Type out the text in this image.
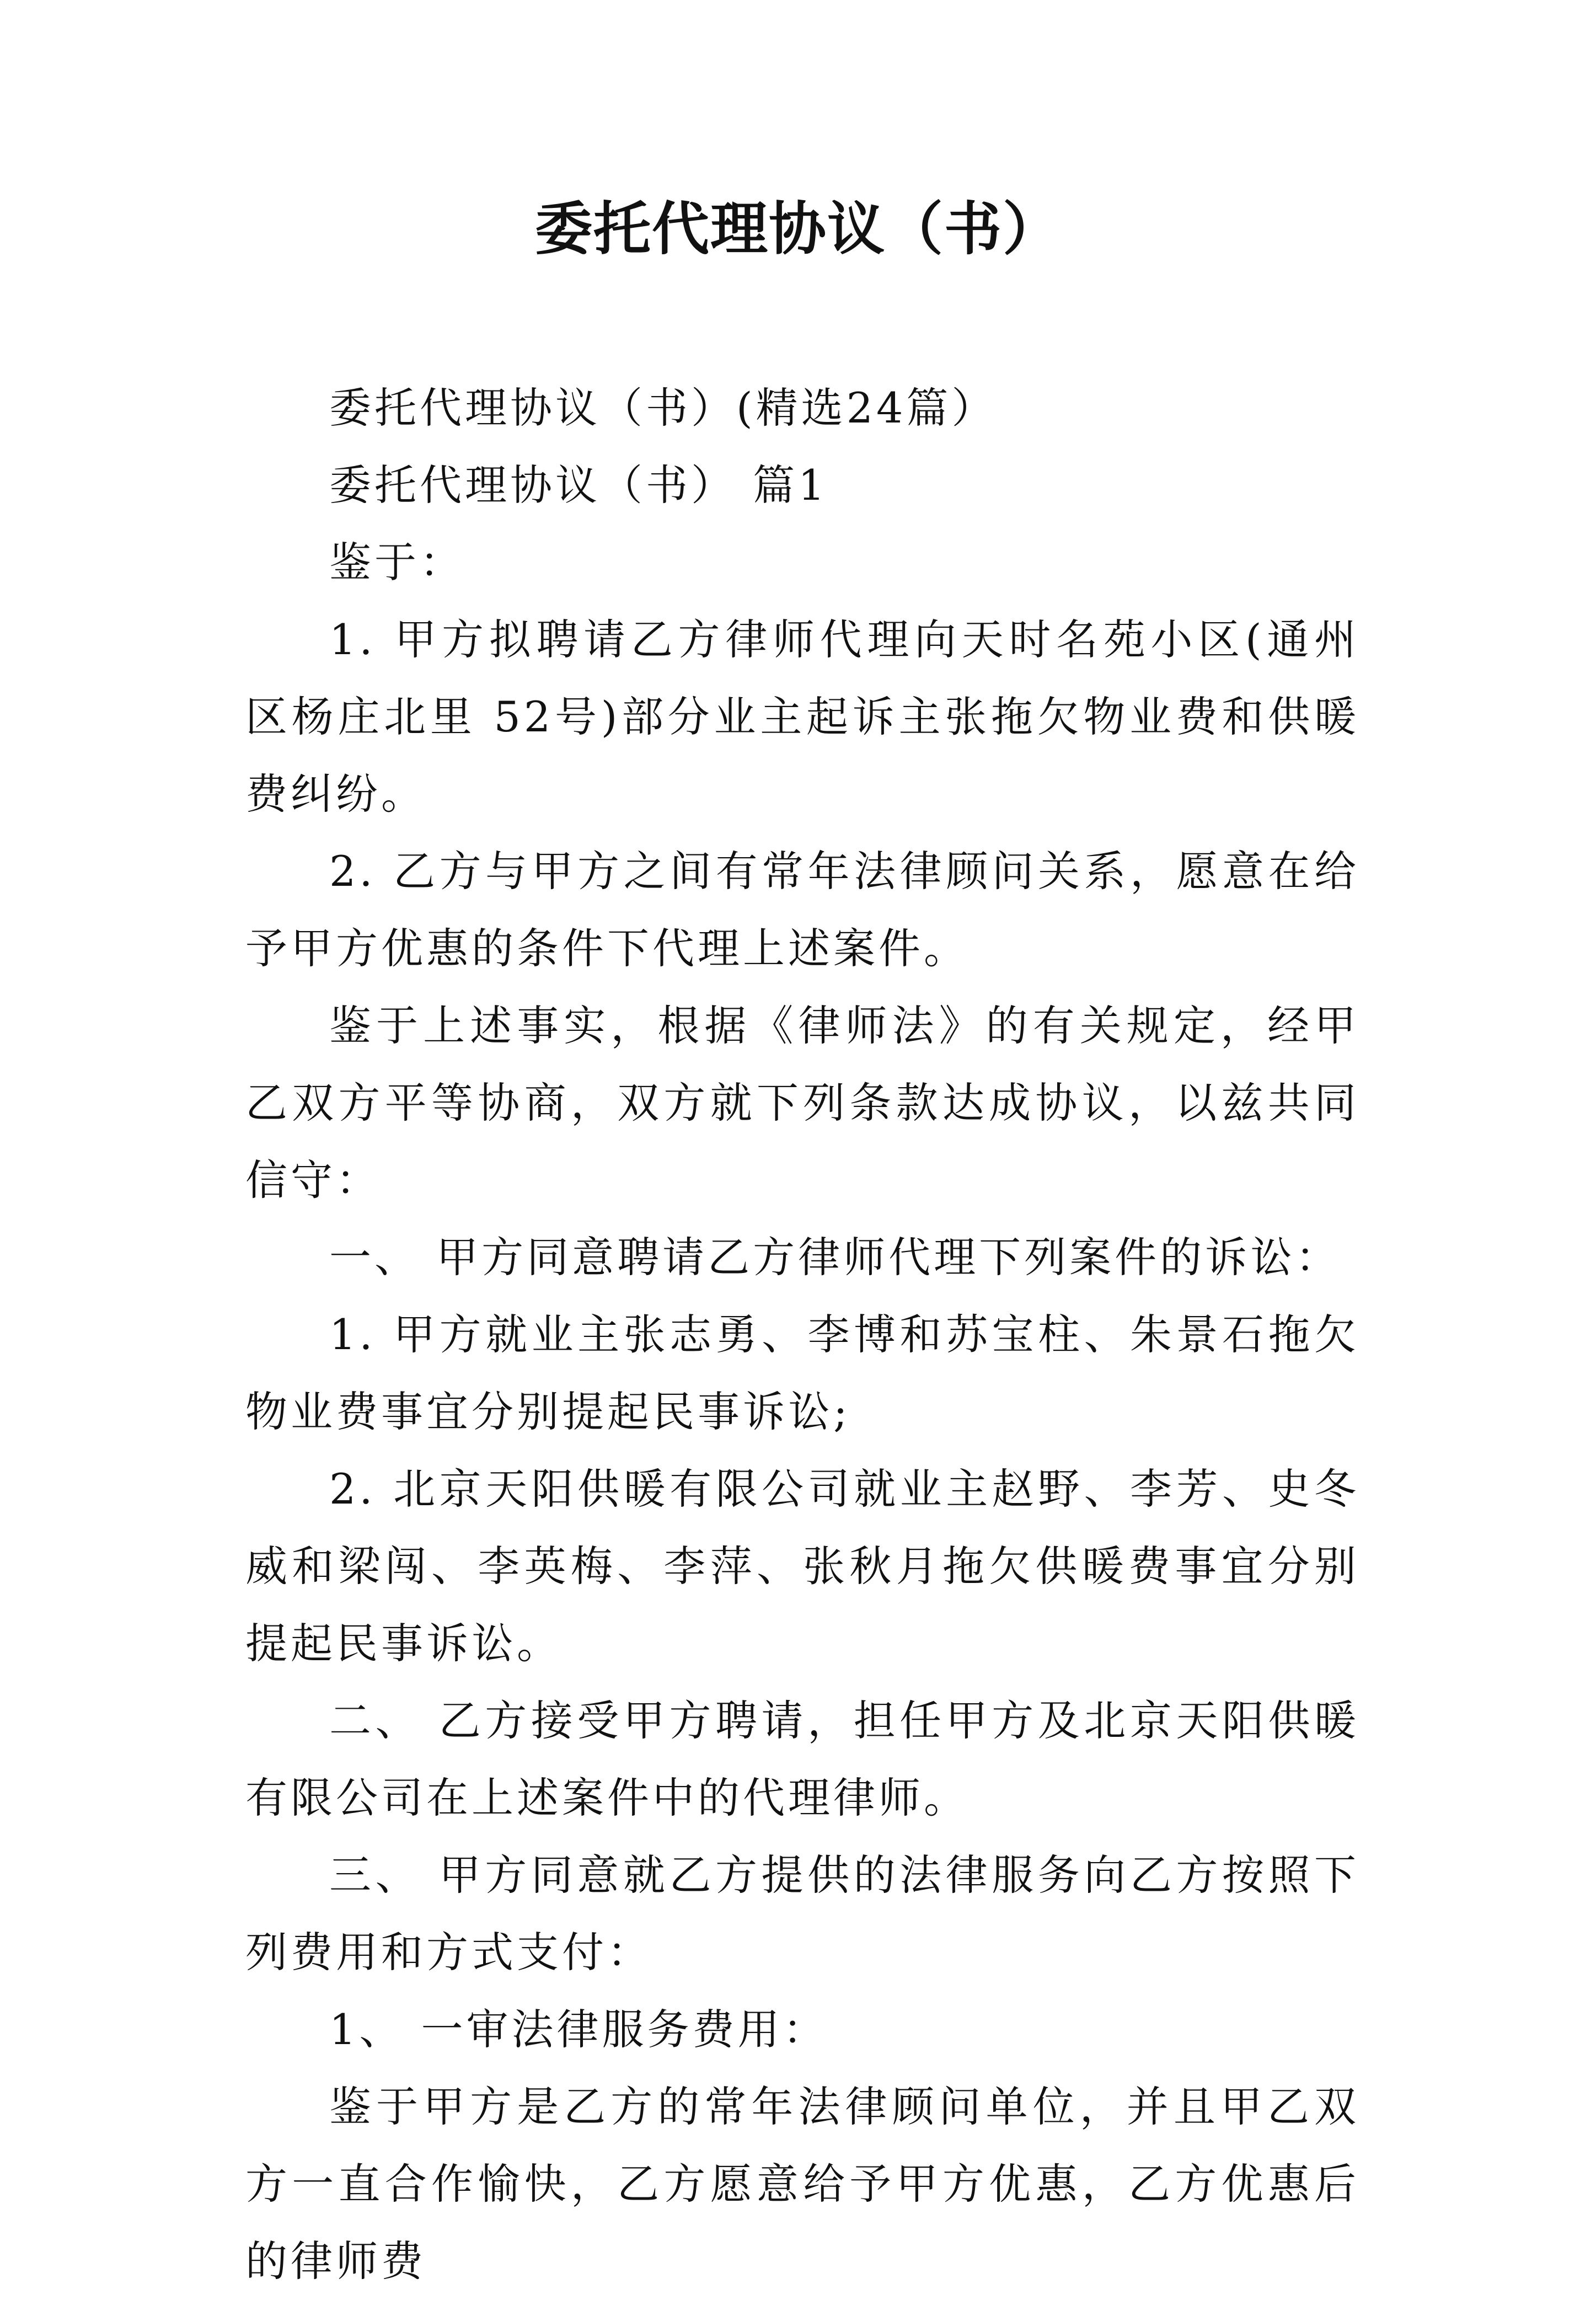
委托代理协议（书）

委托代理协议（书）(精选24篇）

委托代理协议（书） 篇1

鉴于：

1. 甲方拟聘请乙方律师代理向天时名苑小区(通州区杨庄北里 52号)部分业主起诉主张拖欠物业费和供暖费纠纷。

2. 乙方与甲方之间有常年法律顾问关系，愿意在给予甲方优惠的条件下代理上述案件。

鉴于上述事实，根据《律师法》的有关规定，经甲乙双方平等协商，双方就下列条款达成协议，以兹共同信守：

一、 甲方同意聘请乙方律师代理下列案件的诉讼：

1. 甲方就业主张志勇、李博和苏宝柱、朱景石拖欠物业费事宜分别提起民事诉讼;

2. 北京天阳供暖有限公司就业主赵野、李芳、史冬威和梁闯、李英梅、李萍、张秋月拖欠供暖费事宜分别提起民事诉讼。

二、 乙方接受甲方聘请，担任甲方及北京天阳供暖有限公司在上述案件中的代理律师。

三、 甲方同意就乙方提供的法律服务向乙方按照下列费用和方式支付：

1、 一审法律服务费用：

鉴于甲方是乙方的常年法律顾问单位，并且甲乙双方一直合作愉快，乙方愿意给予甲方优惠，乙方优惠后的律师费
